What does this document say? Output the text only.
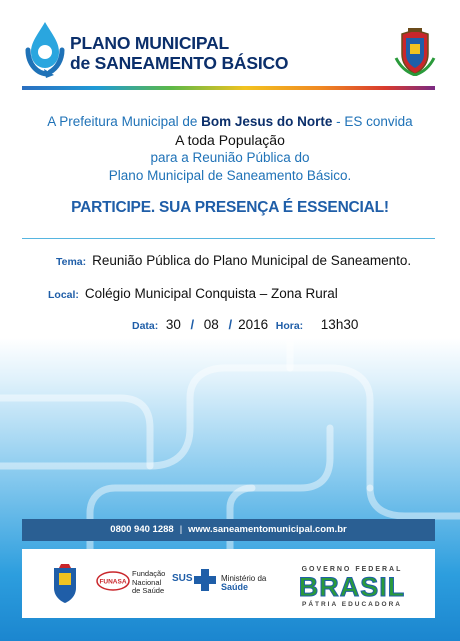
PLANO MUNICIPAL
de SANEAMENTO BÁSICO
A Prefeitura Municipal de Bom Jesus do Norte - ES convida
A toda População
para a Reunião Pública do
Plano Municipal de Saneamento Básico.
PARTICIPE. SUA PRESENÇA É ESSENCIAL!
Tema: Reunião Pública do Plano Municipal de Saneamento.
Local: Colégio Municipal Conquista – Zona Rural
Data: 30 / 08 / 2016 Hora: 13h30
0800 940 1288 | www.saneamentomunicipal.com.br
FUNASA
Fundação
Nacional
de Saúde
SUS	Ministério da
Saúde
GOVERNO FEDERAL
BRASIL
PÁTRIA EDUCADORA
